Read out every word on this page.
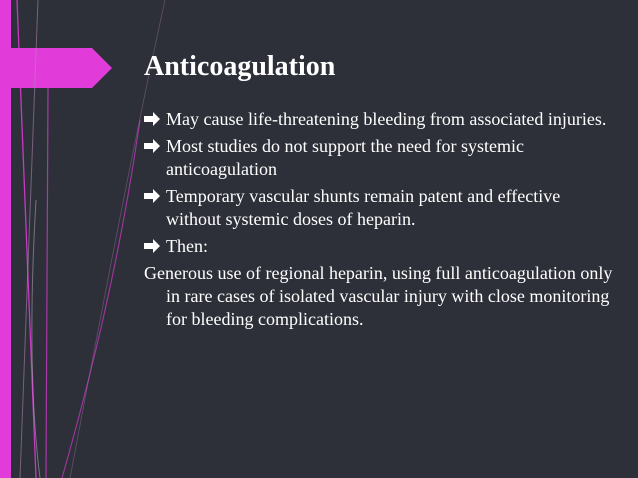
Anticoagulation
May cause life-threatening bleeding from associated injuries.
Most studies do not support the need for systemic anticoagulation
Temporary vascular shunts remain patent and effective without systemic doses of heparin.
Then:

Generous use of regional heparin, using full anticoagulation only in rare cases of isolated vascular injury with close monitoring for bleeding complications.
